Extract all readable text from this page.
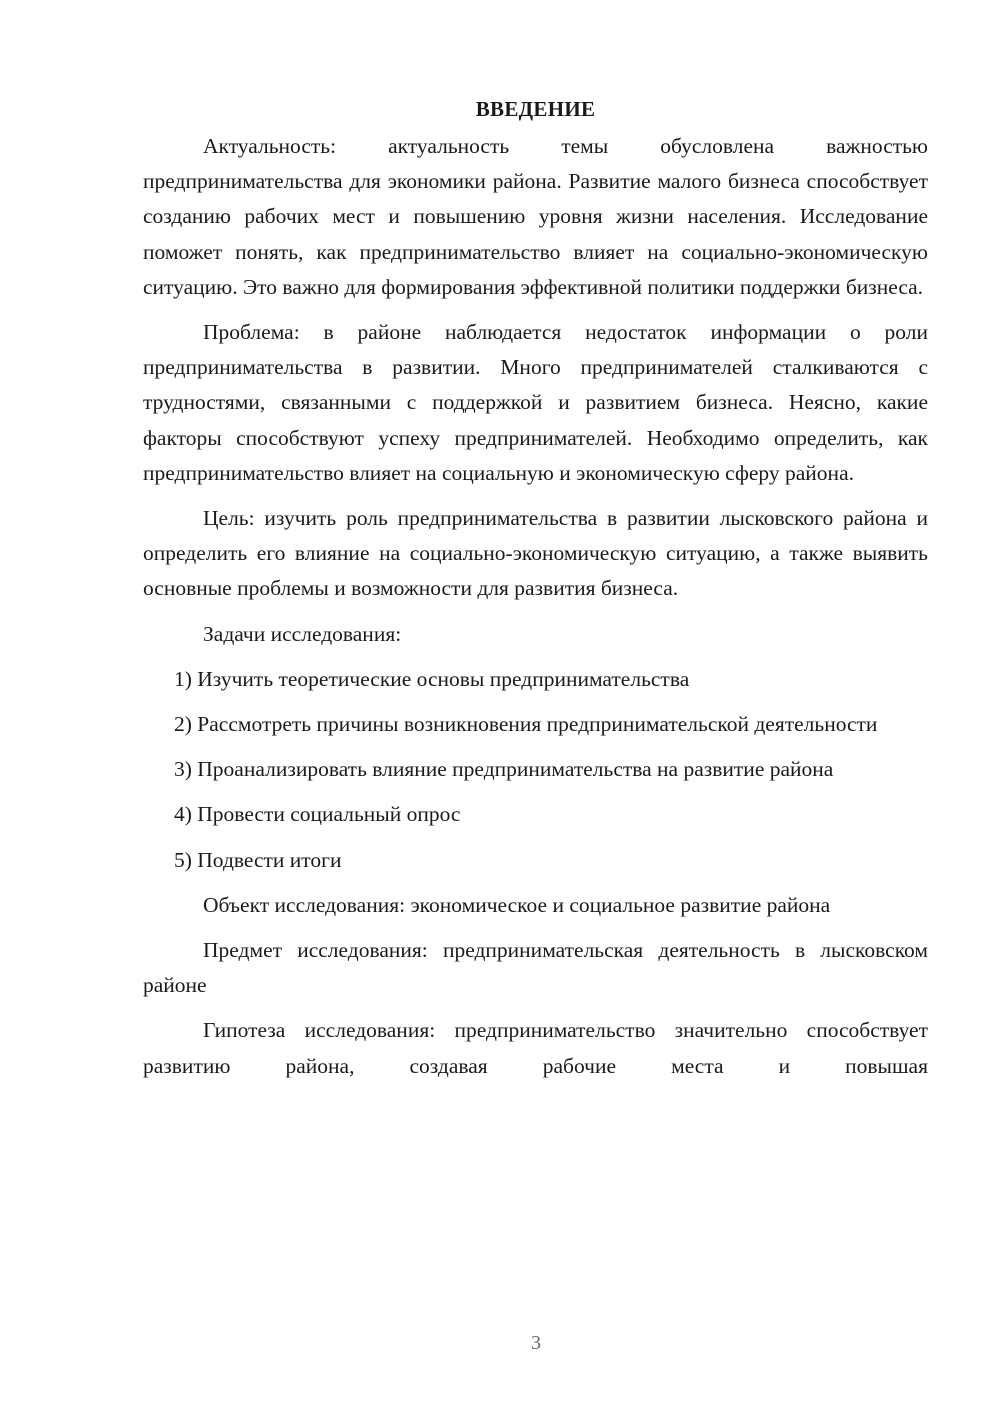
ВВЕДЕНИЕ

Актуальность: актуальность темы обусловлена важностью предпринимательства для экономики района. Развитие малого бизнеса способствует созданию рабочих мест и повышению уровня жизни населения. Исследование поможет понять, как предпринимательство влияет на социально-экономическую ситуацию. Это важно для формирования эффективной политики поддержки бизнеса.

Проблема: в районе наблюдается недостаток информации о роли предпринимательства в развитии. Много предпринимателей сталкиваются с трудностями, связанными с поддержкой и развитием бизнеса. Неясно, какие факторы способствуют успеху предпринимателей. Необходимо определить, как предпринимательство влияет на социальную и экономическую сферу района.

Цель: изучить роль предпринимательства в развитии лысковского района и определить его влияние на социально-экономическую ситуацию, а также выявить основные проблемы и возможности для развития бизнеса.

Задачи исследования:

1) Изучить теоретические основы предпринимательства

2) Рассмотреть причины возникновения предпринимательской деятельности

3) Проанализировать влияние предпринимательства на развитие района

4) Провести социальный опрос

5) Подвести итоги

Объект исследования: экономическое и социальное развитие района

Предмет исследования: предпринимательская деятельность в лысковском районе

Гипотеза исследования: предпринимательство значительно способствует развитию района, создавая рабочие места и повышая

3
